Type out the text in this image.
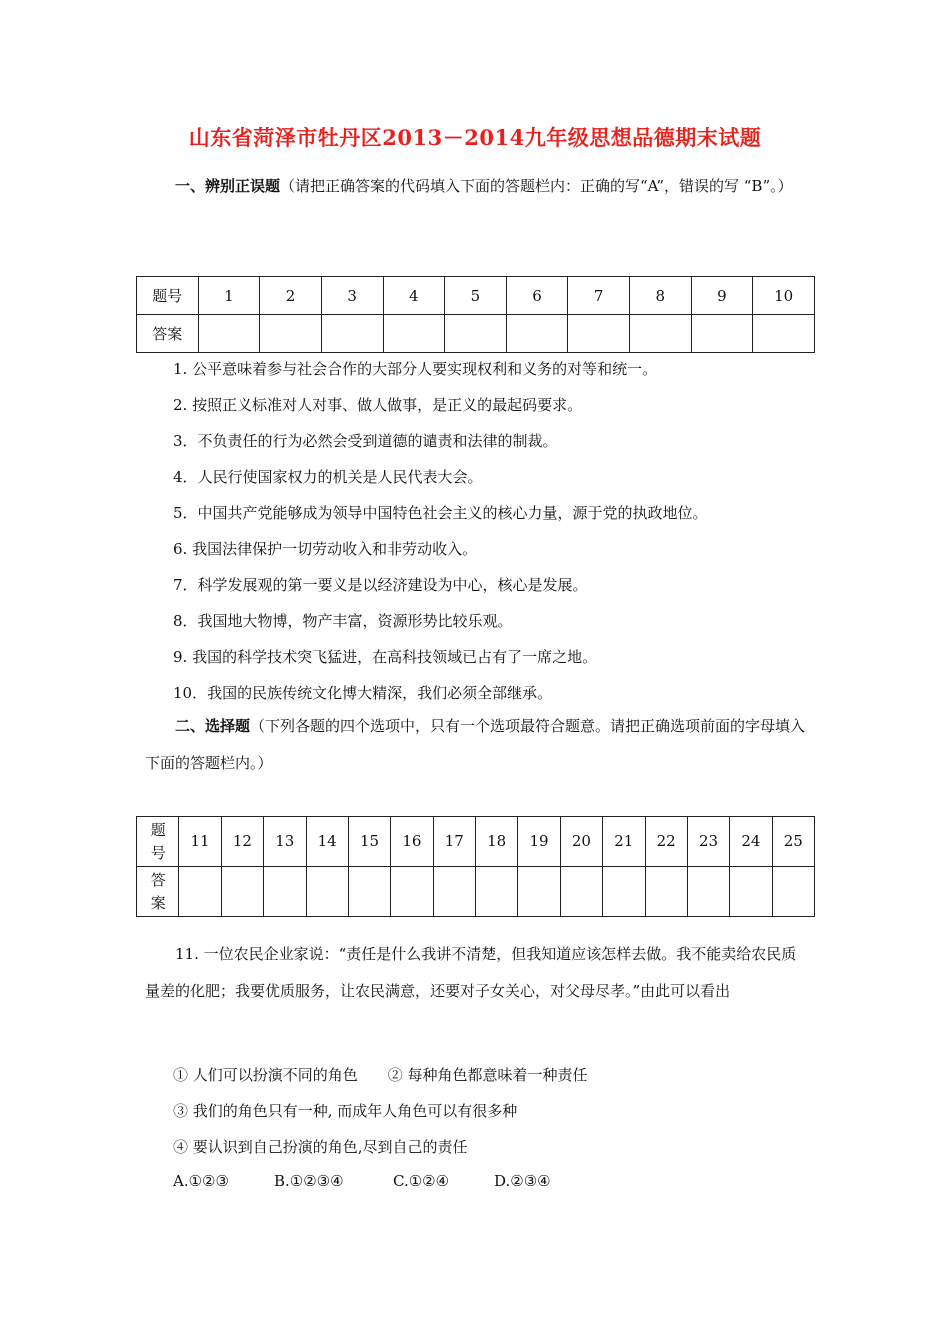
山东省菏泽市牡丹区2013－2014九年级思想品德期末试题
一、辨别正误题（请把正确答案的代码填入下面的答题栏内：正确的写“A”，错误的写 “B”。）
题号	1	2	3	4	5	6	7	8	9	10
答案										
1. 公平意味着参与社会合作的大部分人要实现权利和义务的对等和统一。
2. 按照正义标准对人对事、做人做事，是正义的最起码要求。
3．不负责任的行为必然会受到道德的谴责和法律的制裁。
4．人民行使国家权力的机关是人民代表大会。
5．中国共产党能够成为领导中国特色社会主义的核心力量，源于党的执政地位。
6. 我国法律保护一切劳动收入和非劳动收入。
7．科学发展观的第一要义是以经济建设为中心，核心是发展。
8．我国地大物博，物产丰富，资源形势比较乐观。
9. 我国的科学技术突飞猛进，在高科技领域已占有了一席之地。
10．我国的民族传统文化博大精深，我们必须全部继承。
二、选择题（下列各题的四个选项中，只有一个选项最符合题意。请把正确选项前面的字母填入下面的答题栏内。）
题号	11	12	13	14	15	16	17	18	19	20	21	22	23	24	25
答案															
11. 一位农民企业家说：“责任是什么我讲不清楚，但我知道应该怎样去做。我不能卖给农民质量差的化肥；我要优质服务，让农民满意，还要对子女关心，对父母尽孝。”由此可以看出
① 人们可以扮演不同的角色 ② 每种角色都意味着一种责任
③ 我们的角色只有一种, 而成年人角色可以有很多种
④ 要认识到自己扮演的角色,尽到自己的责任
A.①②③	B.①②③④	C.①②④	D.②③④
